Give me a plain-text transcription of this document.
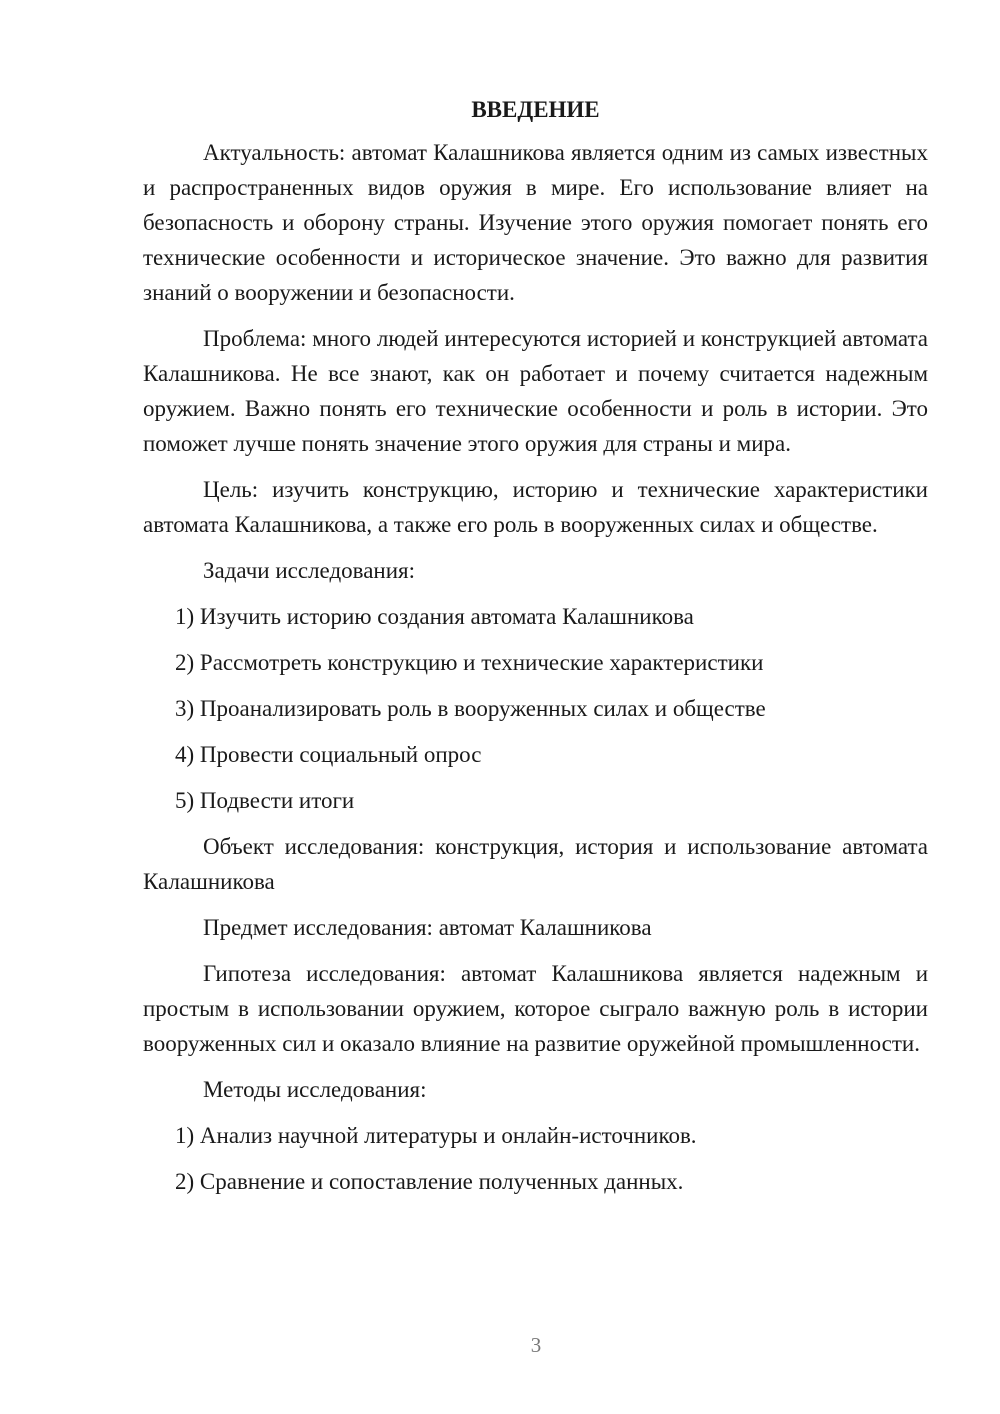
ВВЕДЕНИЕ

Актуальность: автомат Калашникова является одним из самых известных и распространенных видов оружия в мире. Его использование влияет на безопасность и оборону страны. Изучение этого оружия помогает понять его технические особенности и историческое значение. Это важно для развития знаний о вооружении и безопасности.

Проблема: много людей интересуются историей и конструкцией автомата Калашникова. Не все знают, как он работает и почему считается надежным оружием. Важно понять его технические особенности и роль в истории. Это поможет лучше понять значение этого оружия для страны и мира.

Цель: изучить конструкцию, историю и технические характеристики автомата Калашникова, а также его роль в вооруженных силах и обществе.

Задачи исследования:

1) Изучить историю создания автомата Калашникова
2) Рассмотреть конструкцию и технические характеристики
3) Проанализировать роль в вооруженных силах и обществе
4) Провести социальный опрос
5) Подвести итоги

Объект исследования: конструкция, история и использование автомата Калашникова

Предмет исследования: автомат Калашникова

Гипотеза исследования: автомат Калашникова является надежным и простым в использовании оружием, которое сыграло важную роль в истории вооруженных сил и оказало влияние на развитие оружейной промышленности.

Методы исследования:

1) Анализ научной литературы и онлайн-источников.
2) Сравнение и сопоставление полученных данных.
3
